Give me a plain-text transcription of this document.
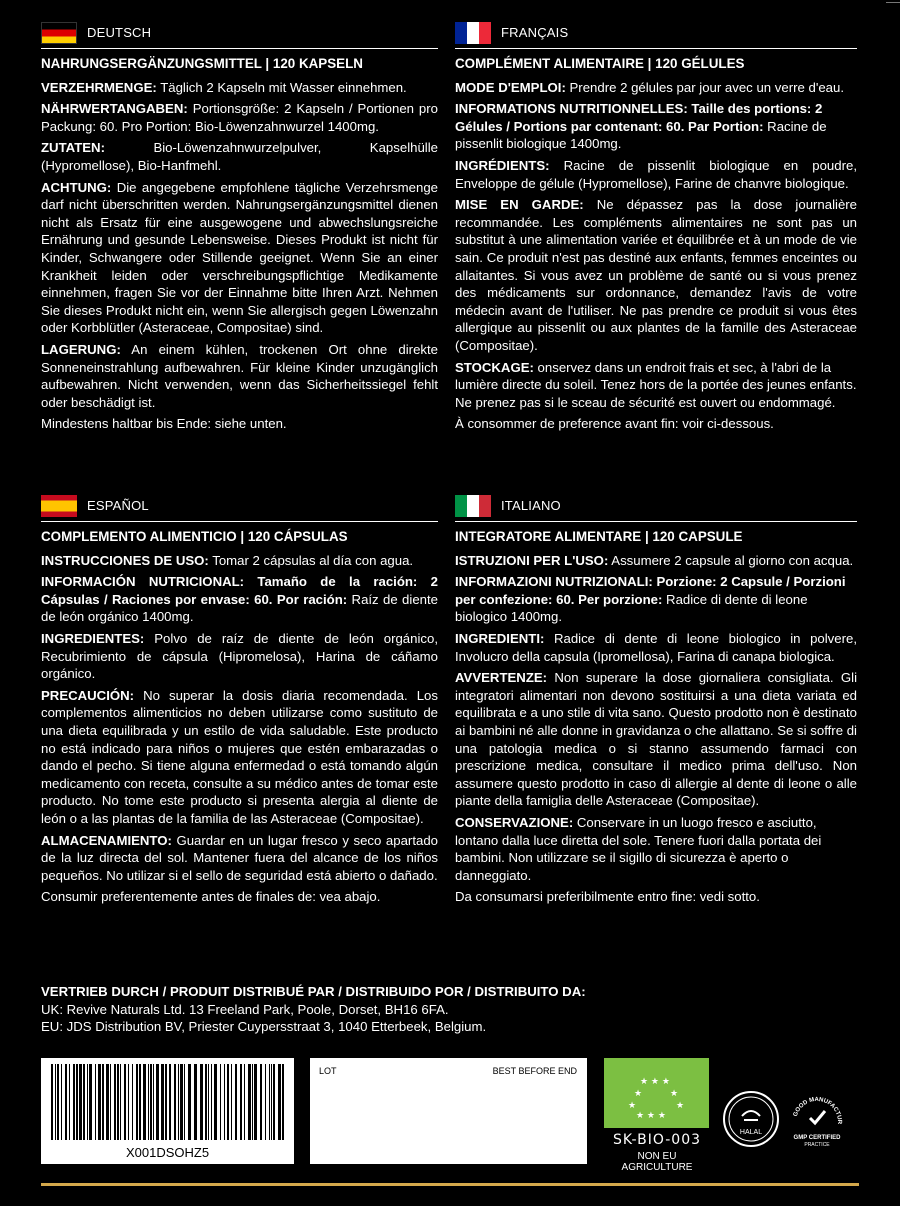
DEUTSCH

NAHRUNGSERGÄNZUNGSMITTEL | 120 KAPSELN

VERZEHRMENGE: Täglich 2 Kapseln mit Wasser einnehmen.

NÄHRWERTANGABEN: Portionsgröße: 2 Kapseln / Portionen pro Packung: 60. Pro Portion: Bio-Löwenzahnwurzel 1400mg.

ZUTATEN: Bio-Löwenzahnwurzelpulver, Kapselhülle (Hypromellose), Bio-Hanfmehl.

ACHTUNG: Die angegebene empfohlene tägliche Verzehrsmenge darf nicht überschritten werden. Nahrungsergänzungsmittel dienen nicht als Ersatz für eine ausgewogene und abwechslungsreiche Ernährung und gesunde Lebensweise. Dieses Produkt ist nicht für Kinder, Schwangere oder Stillende geeignet. Wenn Sie an einer Krankheit leiden oder verschreibungspflichtige Medikamente einnehmen, fragen Sie vor der Einnahme bitte Ihren Arzt. Nehmen Sie dieses Produkt nicht ein, wenn Sie allergisch gegen Löwenzahn oder Korbblütler (Asteraceae, Compositae) sind.

LAGERUNG: An einem kühlen, trockenen Ort ohne direkte Sonneneinstrahlung aufbewahren. Für kleine Kinder unzugänglich aufbewahren. Nicht verwenden, wenn das Sicherheitssiegel fehlt oder beschädigt ist.

Mindestens haltbar bis Ende: siehe unten.

FRANÇAIS

COMPLÉMENT ALIMENTAIRE | 120 GÉLULES

MODE D'EMPLOI: Prendre 2 gélules par jour avec un verre d'eau.

INFORMATIONS NUTRITIONNELLES: Taille des portions: 2 Gélules / Portions par contenant: 60. Par Portion: Racine de pissenlit biologique 1400mg.

INGRÉDIENTS: Racine de pissenlit biologique en poudre, Enveloppe de gélule (Hypromellose), Farine de chanvre biologique.

MISE EN GARDE: Ne dépassez pas la dose journalière recommandée. Les compléments alimentaires ne sont pas un substitut à une alimentation variée et équilibrée et à un mode de vie sain. Ce produit n'est pas destiné aux enfants, femmes enceintes ou allaitantes. Si vous avez un problème de santé ou si vous prenez des médicaments sur ordonnance, demandez l'avis de votre médecin avant de l'utiliser. Ne pas prendre ce produit si vous êtes allergique au pissenlit ou aux plantes de la famille des Asteraceae (Compositae).

STOCKAGE: onservez dans un endroit frais et sec, à l'abri de la lumière directe du soleil. Tenez hors de la portée des jeunes enfants. Ne prenez pas si le sceau de sécurité est ouvert ou endommagé.

À consommer de preference avant fin: voir ci-dessous.

ESPAÑOL

COMPLEMENTO ALIMENTICIO | 120 CÁPSULAS

INSTRUCCIONES DE USO: Tomar 2 cápsulas al día con agua.

INFORMACIÓN NUTRICIONAL: Tamaño de la ración: 2 Cápsulas / Raciones por envase: 60. Por ración: Raíz de diente de león orgánico 1400mg.

INGREDIENTES: Polvo de raíz de diente de león orgánico, Recubrimiento de cápsula (Hipromelosa), Harina de cáñamo orgánico.

PRECAUCIÓN: No superar la dosis diaria recomendada. Los complementos alimenticios no deben utilizarse como sustituto de una dieta equilibrada y un estilo de vida saludable. Este producto no está indicado para niños o mujeres que estén embarazadas o dando el pecho. Si tiene alguna enfermedad o está tomando algún medicamento con receta, consulte a su médico antes de tomar este producto. No tome este producto si presenta alergia al diente de león o a las plantas de la familia de las Asteraceae (Compositae).

ALMACENAMIENTO: Guardar en un lugar fresco y seco apartado de la luz directa del sol. Mantener fuera del alcance de los niños pequeños. No utilizar si el sello de seguridad está abierto o dañado.

Consumir preferentemente antes de finales de: vea abajo.

ITALIANO

INTEGRATORE ALIMENTARE | 120 CAPSULE

ISTRUZIONI PER L'USO: Assumere 2 capsule al giorno con acqua.

INFORMAZIONI NUTRIZIONALI: Porzione: 2 Capsule / Porzioni per confezione: 60. Per porzione: Radice di dente di leone biologico 1400mg.

INGREDIENTI: Radice di dente di leone biologico in polvere, Involucro della capsula (Ipromellosa), Farina di canapa biologica.

AVVERTENZE: Non superare la dose giornaliera consigliata. Gli integratori alimentari non devono sostituirsi a una dieta variata ed equilibrata e a uno stile di vita sano. Questo prodotto non è destinato ai bambini né alle donne in gravidanza o che allattano. Se si soffre di una patologia medica o si stanno assumendo farmaci con prescrizione medica, consultare il medico prima dell'uso. Non assumere questo prodotto in caso di allergie al dente di leone o alle piante della famiglia delle Asteraceae (Compositae).

CONSERVAZIONE: Conservare in un luogo fresco e asciutto, lontano dalla luce diretta del sole. Tenere fuori dalla portata dei bambini. Non utilizzare se il sigillo di sicurezza è aperto o danneggiato.

Da consumarsi preferibilmente entro fine: vedi sotto.

VERTRIEB DURCH / PRODUIT DISTRIBUÉ PAR / DISTRIBUIDO POR / DISTRIBUITO DA:
UK: Revive Naturals Ltd. 13 Freeland Park, Poole, Dorset, BH16 6FA.
EU: JDS Distribution BV, Priester Cuypersstraat 3, 1040 Etterbeek, Belgium.
X001DSOHZ5
LOT	BEST BEFORE END
★ ★ ★
★	★
★	★
★ ★ ★
SK-BIO-003
NON EU AGRICULTURE
HALAL
GOOD MANUFACTUR
GMP CERTIFIED
PRACTICE
